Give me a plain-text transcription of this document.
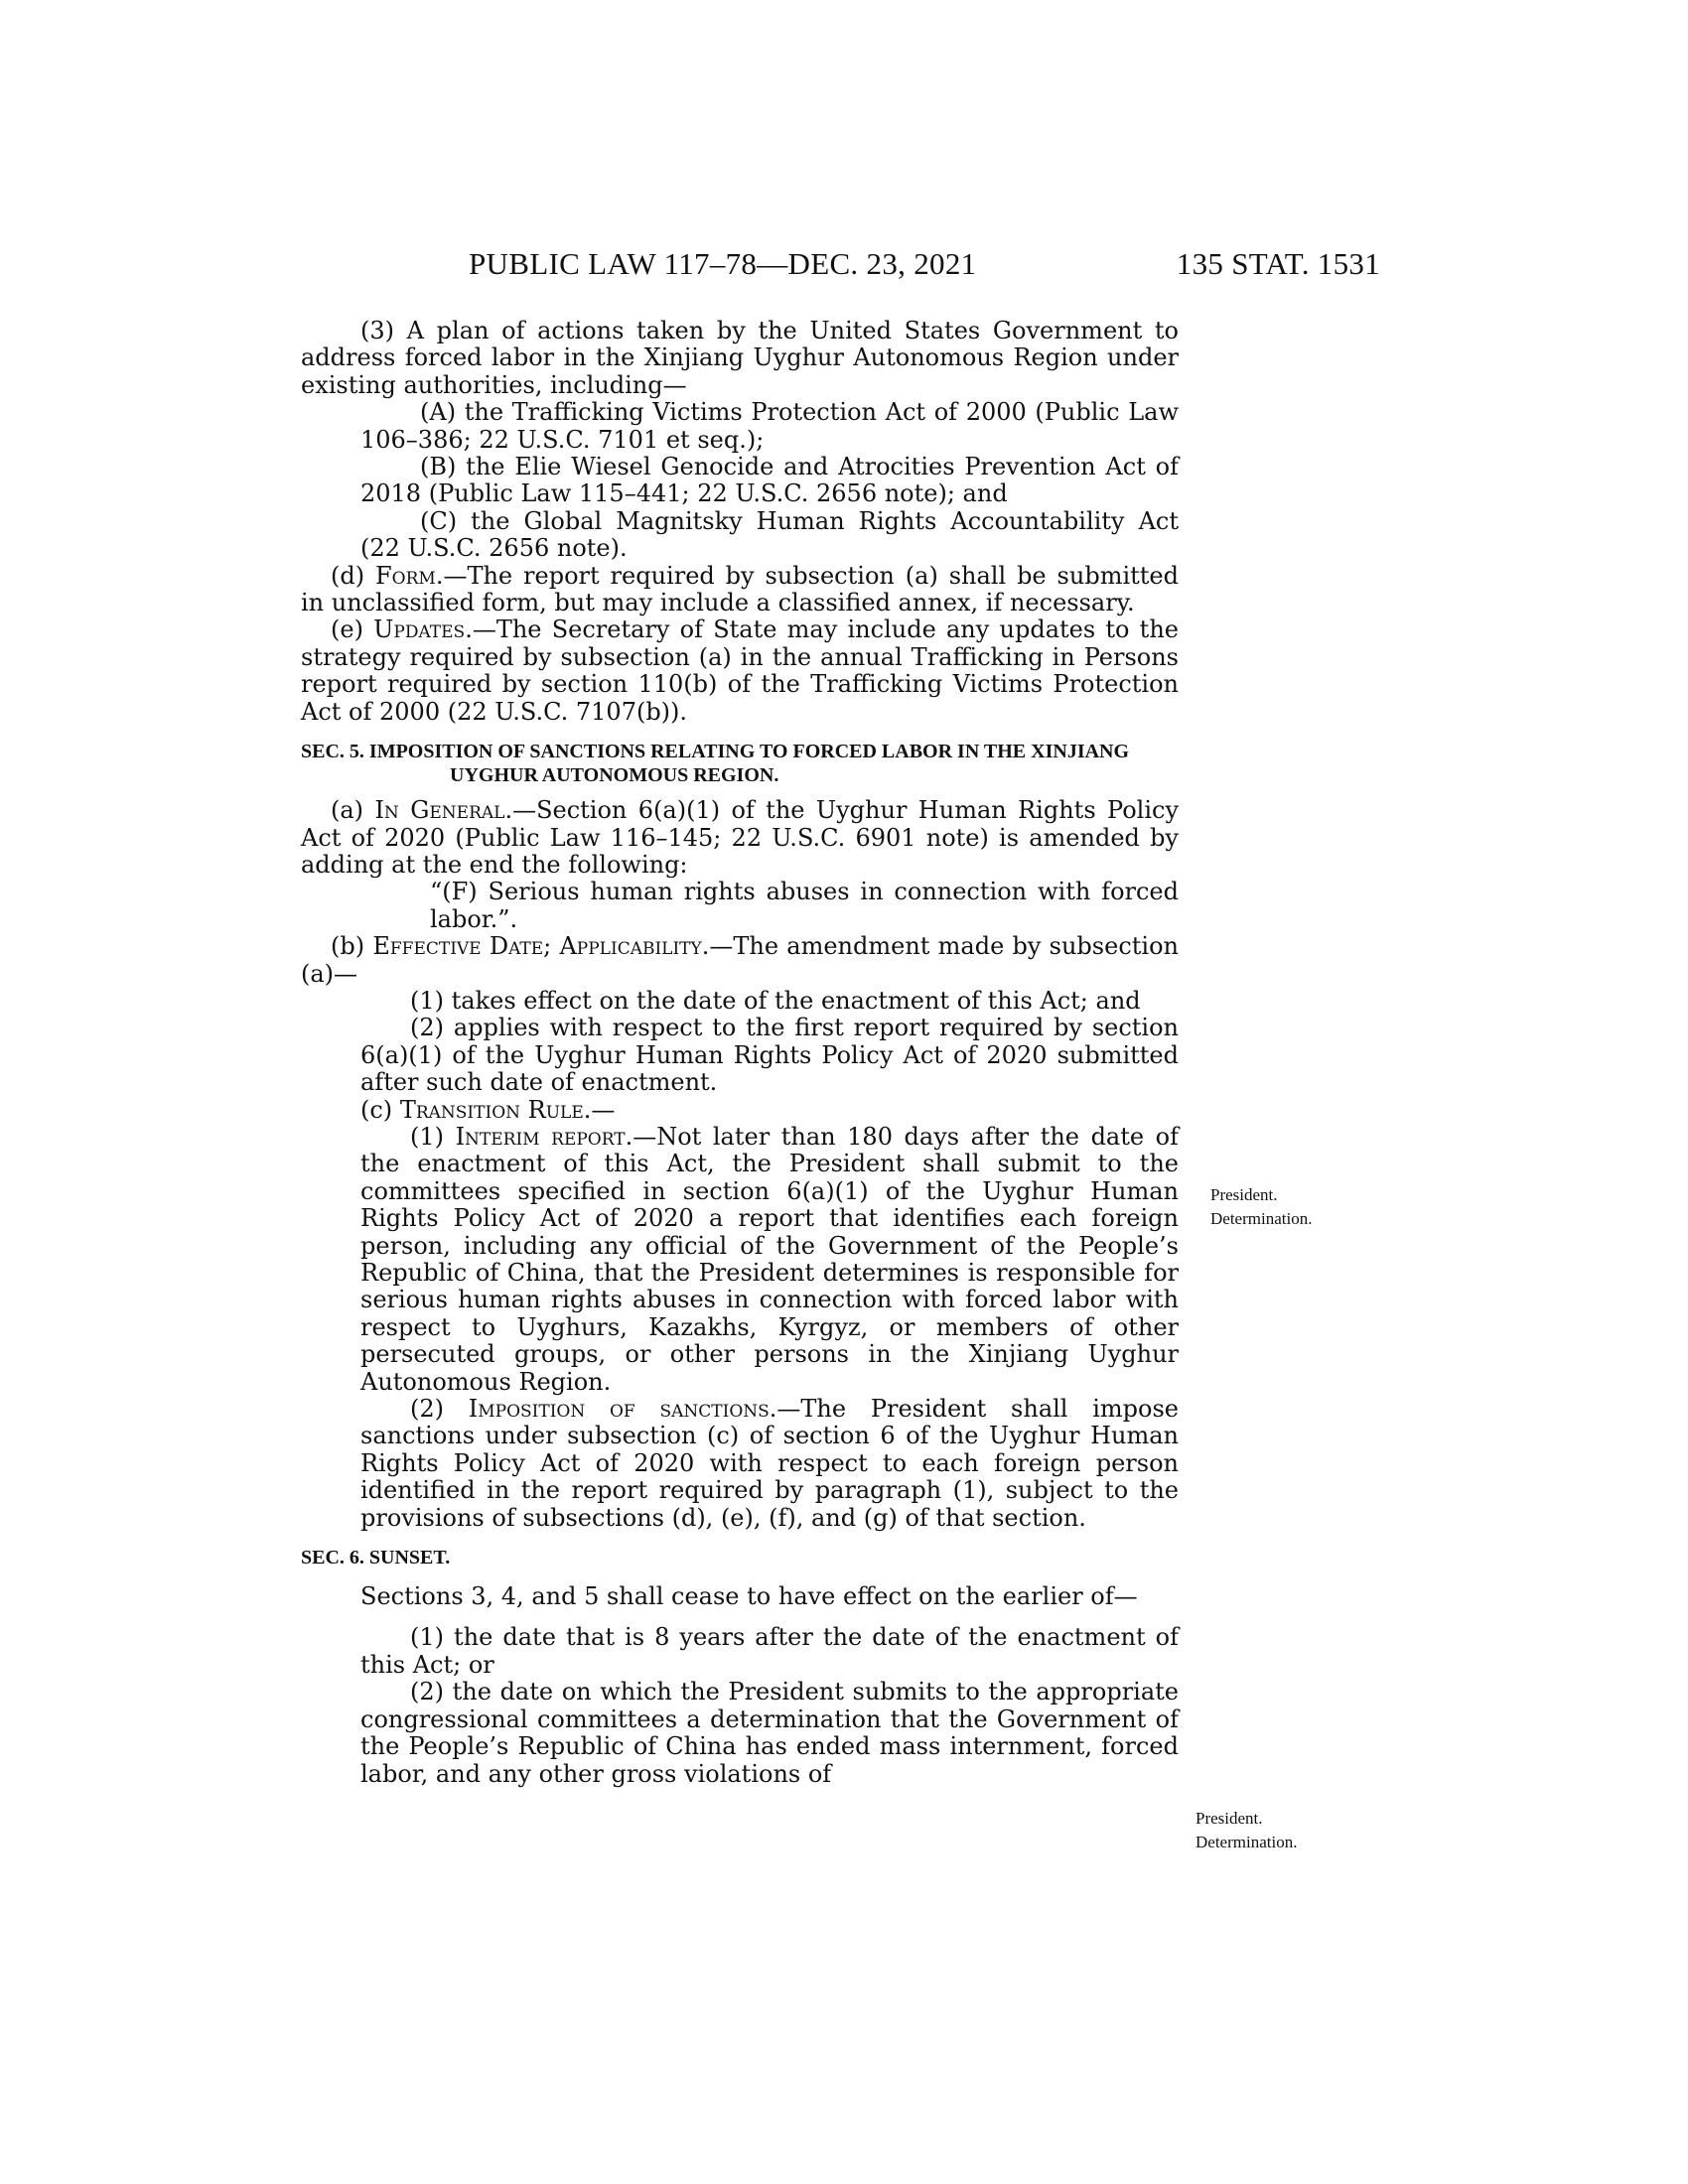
PUBLIC LAW 117–78—DEC. 23, 2021	135 STAT. 1531

(3) A plan of actions taken by the United States Government to address forced labor in the Xinjiang Uyghur Autonomous Region under existing authorities, including—

(A) the Trafficking Victims Protection Act of 2000 (Public Law 106–386; 22 U.S.C. 7101 et seq.);

(B) the Elie Wiesel Genocide and Atrocities Prevention Act of 2018 (Public Law 115–441; 22 U.S.C. 2656 note); and

(C) the Global Magnitsky Human Rights Accountability Act (22 U.S.C. 2656 note).

(d) Form.—The report required by subsection (a) shall be submitted in unclassified form, but may include a classified annex, if necessary.

(e) Updates.—The Secretary of State may include any updates to the strategy required by subsection (a) in the annual Trafficking in Persons report required by section 110(b) of the Trafficking Victims Protection Act of 2000 (22 U.S.C. 7107(b)).

SEC. 5. IMPOSITION OF SANCTIONS RELATING TO FORCED LABOR IN THE XINJIANG UYGHUR AUTONOMOUS REGION.

(a) In General.—Section 6(a)(1) of the Uyghur Human Rights Policy Act of 2020 (Public Law 116–145; 22 U.S.C. 6901 note) is amended by adding at the end the following:

“(F) Serious human rights abuses in connection with forced labor.”.

(b) Effective Date; Applicability.—The amendment made by subsection (a)—

(1) takes effect on the date of the enactment of this Act; and

(2) applies with respect to the first report required by section 6(a)(1) of the Uyghur Human Rights Policy Act of 2020 submitted after such date of enactment.

(c) Transition Rule.—

(1) Interim report.—Not later than 180 days after the date of the enactment of this Act, the President shall submit to the committees specified in section 6(a)(1) of the Uyghur Human Rights Policy Act of 2020 a report that identifies each foreign person, including any official of the Government of the People’s Republic of China, that the President determines is responsible for serious human rights abuses in connection with forced labor with respect to Uyghurs, Kazakhs, Kyrgyz, or members of other persecuted groups, or other persons in the Xinjiang Uyghur Autonomous Region.

(2) Imposition of sanctions.—The President shall impose sanctions under subsection (c) of section 6 of the Uyghur Human Rights Policy Act of 2020 with respect to each foreign person identified in the report required by paragraph (1), subject to the provisions of subsections (d), (e), (f), and (g) of that section.

SEC. 6. SUNSET.

Sections 3, 4, and 5 shall cease to have effect on the earlier of—

(1) the date that is 8 years after the date of the enactment of this Act; or

(2) the date on which the President submits to the appropriate congressional committees a determination that the Government of the People’s Republic of China has ended mass internment, forced labor, and any other gross violations of

President.
Determination.
President.
Determination.
